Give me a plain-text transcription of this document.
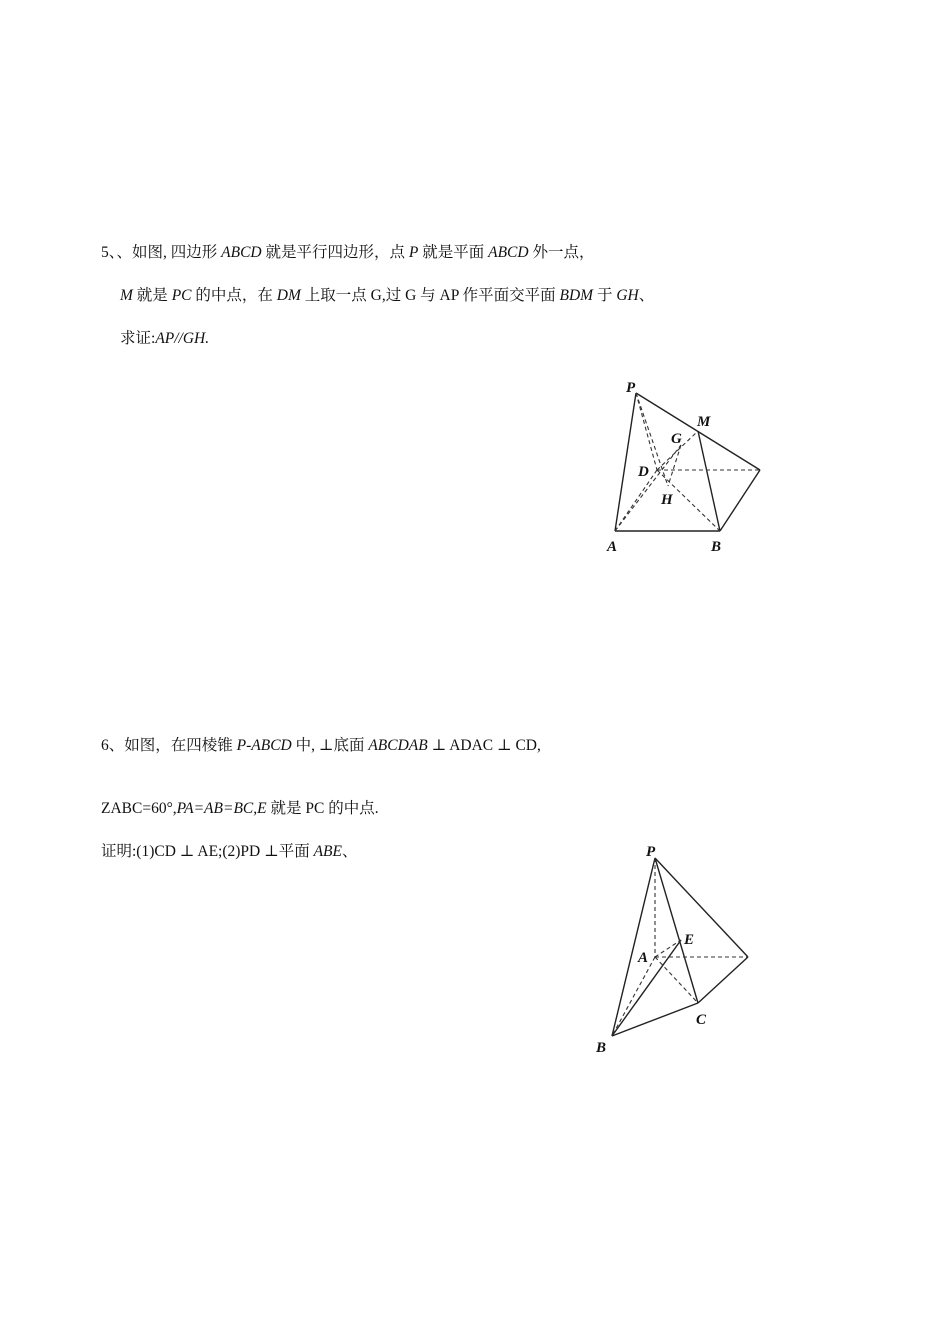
5、、如图, 四边形 ABCD 就是平行四边形，点 P 就是平面 ABCD 外一点，
M 就是 PC 的中点，在 DM 上取一点 G,过 G 与 AP 作平面交平面 BDM 于 GH、
求证:AP//GH.
P
M
G
D
H
A	B
6、如图，在四棱锥 P-ABCD 中, ⊥底面 ABCDAB ⊥ ADAC ⊥ CD,
ZABC=60°,PA=AB=BC,E 就是 PC 的中点.
证明:(1)CD ⊥ AE;(2)PD ⊥平面 ABE、	P
E
A
C
B
